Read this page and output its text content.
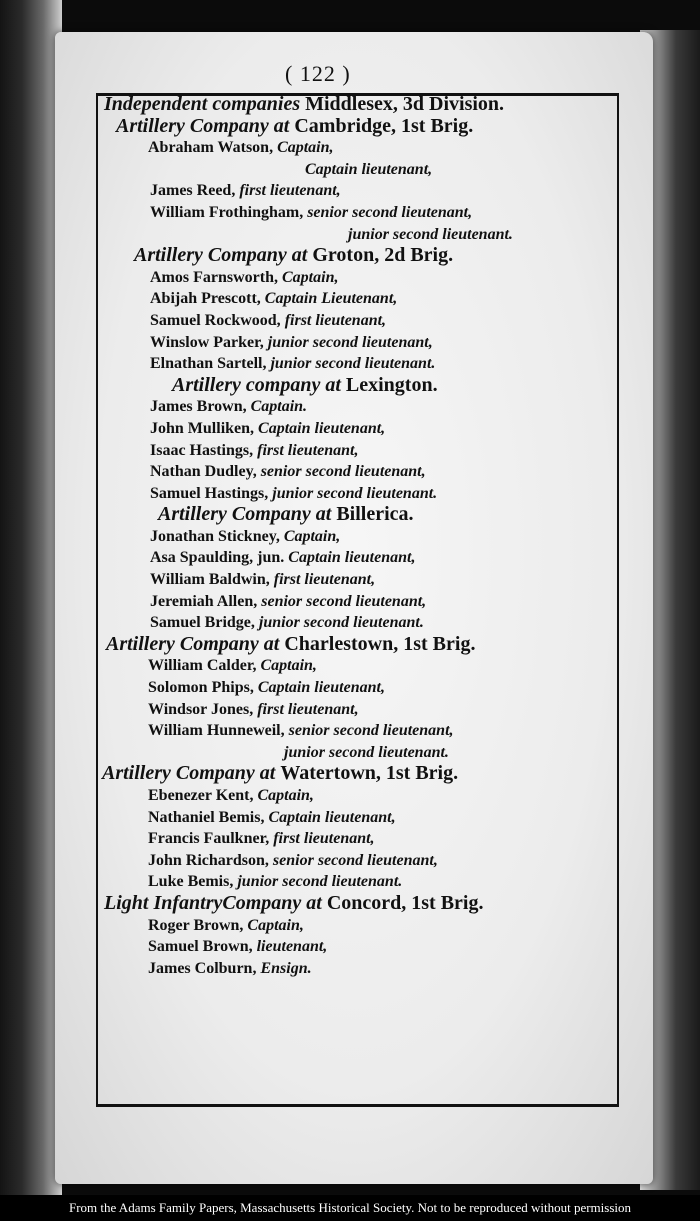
( 122 )
Independent companies Middlesex, 3d Division.
Artillery Company at Cambridge, 1st Brig.
Abraham Watson, Captain,
Captain lieutenant,
James Reed, first lieutenant,
William Frothingham, senior second lieutenant,
junior second lieutenant.
Artillery Company at Groton, 2d Brig.
Amos Farnsworth, Captain,
Abijah Prescott, Captain Lieutenant,
Samuel Rockwood, first lieutenant,
Winslow Parker, junior second lieutenant,
Elnathan Sartell, junior second lieutenant.
Artillery company at Lexington.
James Brown, Captain.
John Mulliken, Captain lieutenant,
Isaac Hastings, first lieutenant,
Nathan Dudley, senior second lieutenant,
Samuel Hastings, junior second lieutenant.
Artillery Company at Billerica.
Jonathan Stickney, Captain,
Asa Spaulding, jun. Captain lieutenant,
William Baldwin, first lieutenant,
Jeremiah Allen, senior second lieutenant,
Samuel Bridge, junior second lieutenant.
Artillery Company at Charlestown, 1st Brig.
William Calder, Captain,
Solomon Phips, Captain lieutenant,
Windsor Jones, first lieutenant,
William Hunneweil, senior second lieutenant,
junior second lieutenant.
Artillery Company at Watertown, 1st Brig.
Ebenezer Kent, Captain,
Nathaniel Bemis, Captain lieutenant,
Francis Faulkner, first lieutenant,
John Richardson, senior second lieutenant,
Luke Bemis, junior second lieutenant.
Light InfantryCompany at Concord, 1st Brig.
Roger Brown, Captain,
Samuel Brown, lieutenant,
James Colburn, Ensign.
From the Adams Family Papers, Massachusetts Historical Society. Not to be reproduced without permission
